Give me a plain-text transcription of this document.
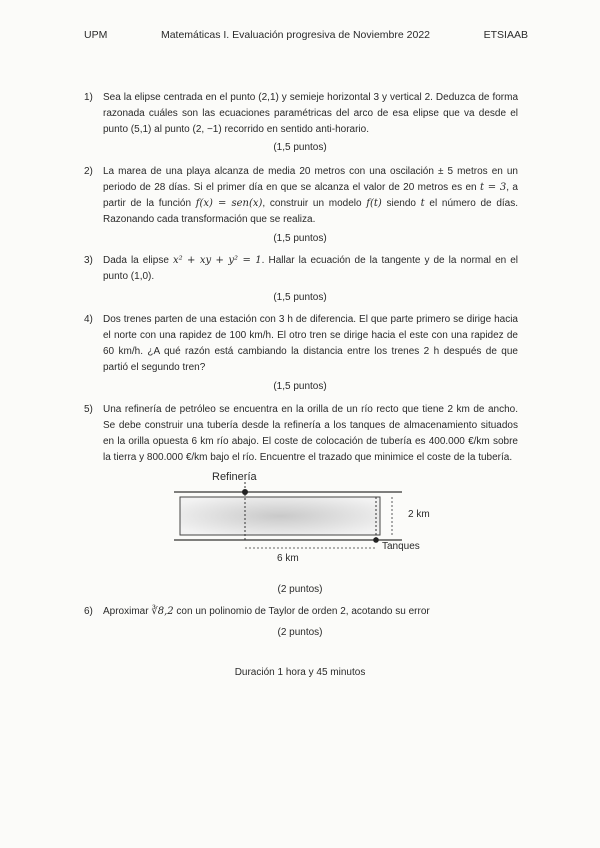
UPM	Matemáticas I. Evaluación progresiva de Noviembre 2022	ETSIAAB
1) Sea la elipse centrada en el punto (2,1) y semieje horizontal 3 y vertical 2. Deduzca de forma razonada cuáles son las ecuaciones paramétricas del arco de esa elipse que va desde el punto (5,1) al punto (2, −1) recorrido en sentido anti-horario.
(1,5 puntos)
2) La marea de una playa alcanza de media 20 metros con una oscilación ± 5 metros en un periodo de 28 días. Si el primer día en que se alcanza el valor de 20 metros es en t = 3, a partir de la función f(x) = sen(x), construir un modelo f(t) siendo t el número de días. Razonando cada transformación que se realiza.
(1,5 puntos)
3) Dada la elipse x² + xy + y² = 1. Hallar la ecuación de la tangente y de la normal en el punto (1,0).
(1,5 puntos)
4) Dos trenes parten de una estación con 3 h de diferencia. El que parte primero se dirige hacia el norte con una rapidez de 100 km/h. El otro tren se dirige hacia el este con una rapidez de 60 km/h. ¿A qué razón está cambiando la distancia entre los trenes 2 h después de que partió el segundo tren?
(1,5 puntos)
5) Una refinería de petróleo se encuentra en la orilla de un río recto que tiene 2 km de ancho. Se debe construir una tubería desde la refinería a los tanques de almacenamiento situados en la orilla opuesta 6 km río abajo. El coste de colocación de tubería es 400.000 €/km sobre la tierra y 800.000 €/km bajo el río. Encuentre el trazado que minimice el coste de la tubería.
Refinería
2 km
Tanques
6 km
(2 puntos)
6) Aproximar ∛8,2 con un polinomio de Taylor de orden 2, acotando su error
(2 puntos)
Duración 1 hora y 45 minutos
